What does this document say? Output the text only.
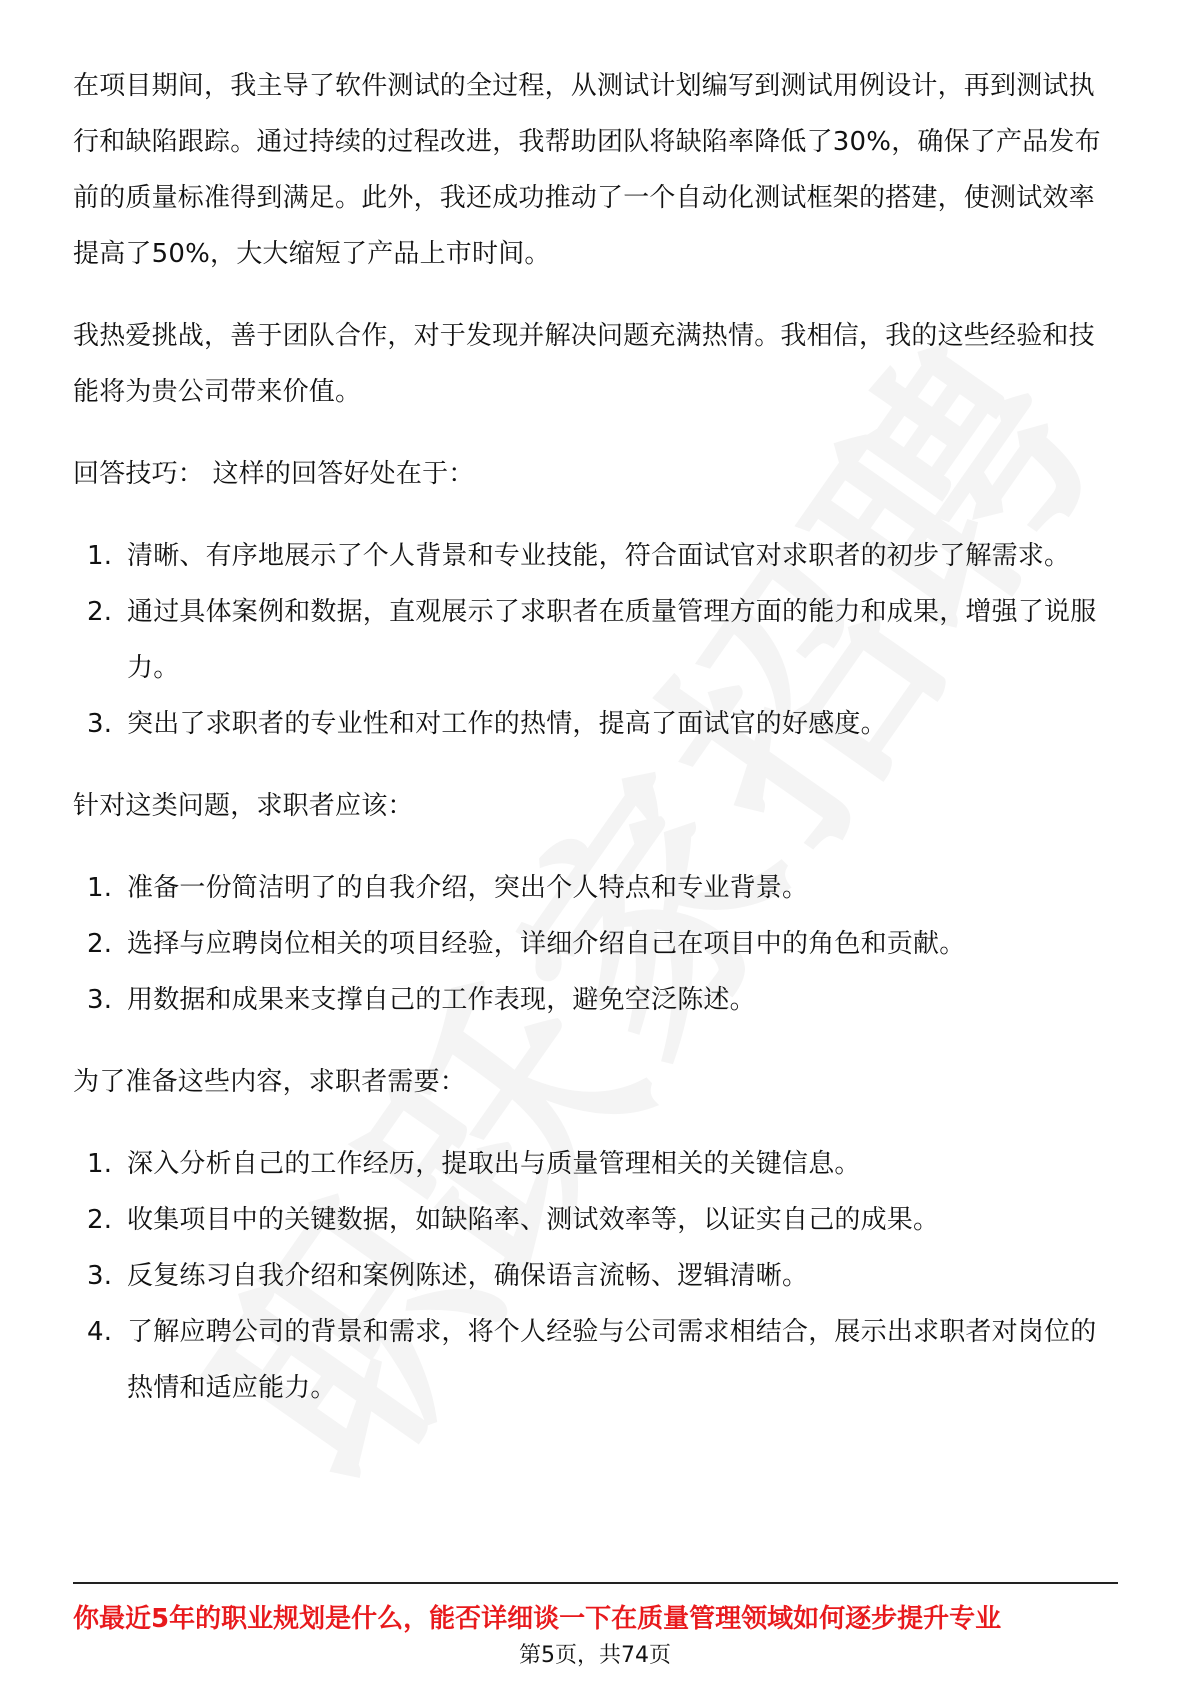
在项目期间，我主导了软件测试的全过程，从测试计划编写到测试用例设计，再到测试执行和缺陷跟踪。通过持续的过程改进，我帮助团队将缺陷率降低了30%，确保了产品发布前的质量标准得到满足。此外，我还成功推动了一个自动化测试框架的搭建，使测试效率提高了50%，大大缩短了产品上市时间。

我热爱挑战，善于团队合作，对于发现并解决问题充满热情。我相信，我的这些经验和技能将为贵公司带来价值。

回答技巧： 这样的回答好处在于：

1. 清晰、有序地展示了个人背景和专业技能，符合面试官对求职者的初步了解需求。
2. 通过具体案例和数据，直观展示了求职者在质量管理方面的能力和成果，增强了说服力。
3. 突出了求职者的专业性和对工作的热情，提高了面试官的好感度。

针对这类问题，求职者应该：

1. 准备一份简洁明了的自我介绍，突出个人特点和专业背景。
2. 选择与应聘岗位相关的项目经验，详细介绍自己在项目中的角色和贡献。
3. 用数据和成果来支撑自己的工作表现，避免空泛陈述。

为了准备这些内容，求职者需要：

1. 深入分析自己的工作经历，提取出与质量管理相关的关键信息。
2. 收集项目中的关键数据，如缺陷率、测试效率等，以证实自己的成果。
3. 反复练习自我介绍和案例陈述，确保语言流畅、逻辑清晰。
4. 了解应聘公司的背景和需求，将个人经验与公司需求相结合，展示出求职者对岗位的热情和适应能力。
你最近5年的职业规划是什么，能否详细谈一下在质量管理领域如何逐步提升专业
第5页，共74页
